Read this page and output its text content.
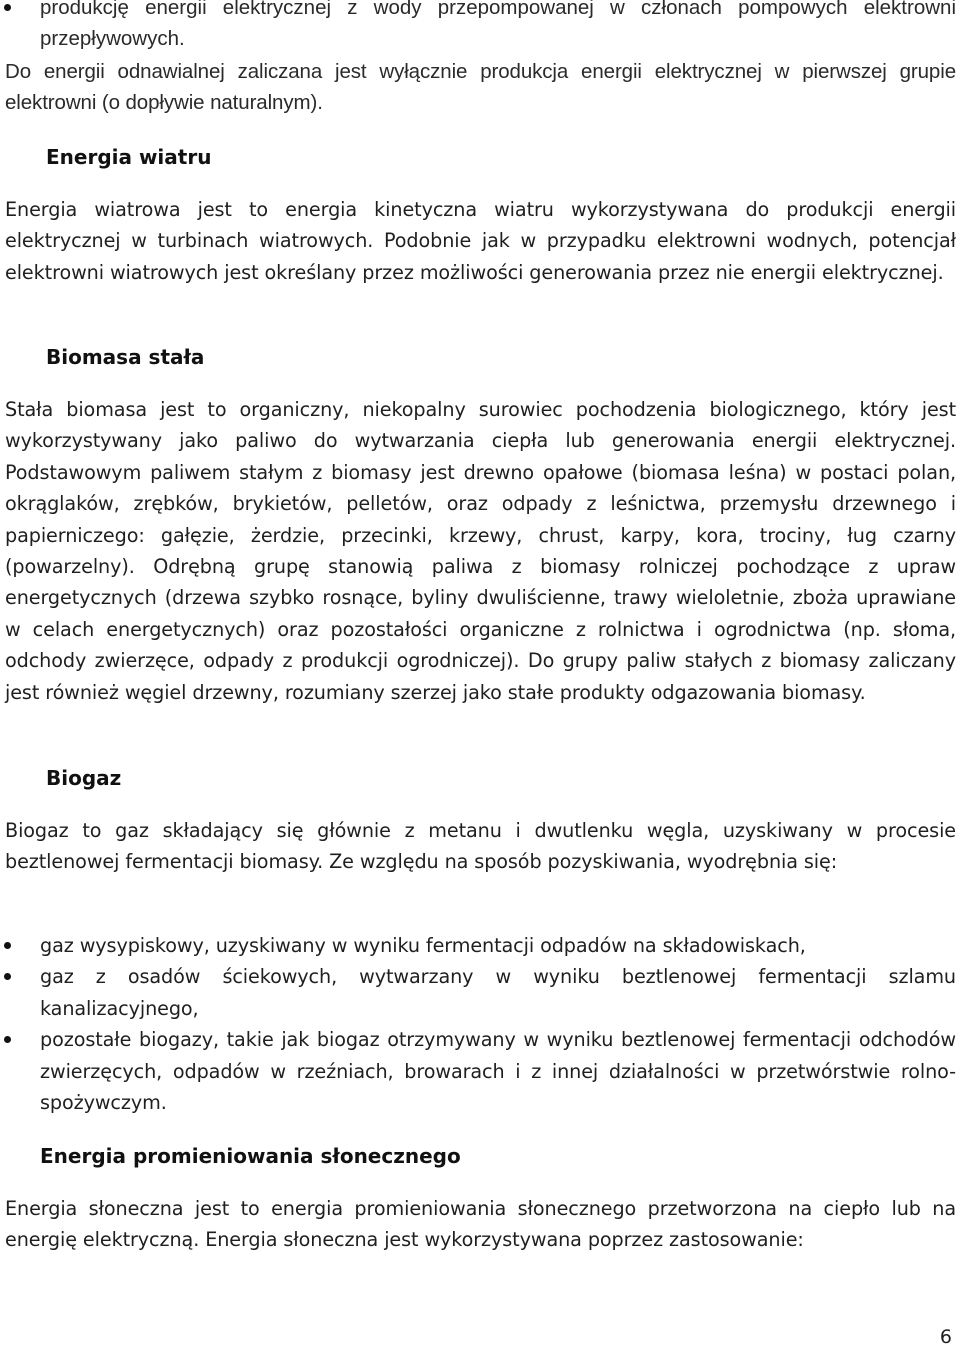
produkcję energii elektrycznej z wody przepompowanej w członach pompowych elektrowni przepływowych.

Do energii odnawialnej zaliczana jest wyłącznie produkcja energii elektrycznej w pierwszej grupie elektrowni (o dopływie naturalnym).

Energia wiatru

Energia wiatrowa jest to energia kinetyczna wiatru wykorzystywana do produkcji energii elektrycznej w turbinach wiatrowych. Podobnie jak w przypadku elektrowni wodnych, potencjał elektrowni wiatrowych jest określany przez możliwości generowania przez nie energii elektrycznej.

Biomasa stała

Stała biomasa jest to organiczny, niekopalny surowiec pochodzenia biologicznego, który jest wykorzystywany jako paliwo do wytwarzania ciepła lub generowania energii elektrycznej. Podstawowym paliwem stałym z biomasy jest drewno opałowe (biomasa leśna) w postaci polan, okrąglaków, zrębków, brykietów, pelletów, oraz odpady z leśnictwa, przemysłu drzewnego i papierniczego: gałęzie, żerdzie, przecinki, krzewy, chrust, karpy, kora, trociny, ług czarny (powarzelny). Odrębną grupę stanowią paliwa z biomasy rolniczej pochodzące z upraw energetycznych (drzewa szybko rosnące, byliny dwuliścienne, trawy wieloletnie, zboża uprawiane w celach energetycznych) oraz pozostałości organiczne z rolnictwa i ogrodnictwa (np. słoma, odchody zwierzęce, odpady z produkcji ogrodniczej). Do grupy paliw stałych z biomasy zaliczany jest również węgiel drzewny, rozumiany szerzej jako stałe produkty odgazowania biomasy.

Biogaz

Biogaz to gaz składający się głównie z metanu i dwutlenku węgla, uzyskiwany w procesie beztlenowej fermentacji biomasy. Ze względu na sposób pozyskiwania, wyodrębnia się:

gaz wysypiskowy, uzyskiwany w wyniku fermentacji odpadów na składowiskach,
gaz z osadów ściekowych, wytwarzany w wyniku beztlenowej fermentacji szlamu kanalizacyjnego,
pozostałe biogazy, takie jak biogaz otrzymywany w wyniku beztlenowej fermentacji odchodów zwierzęcych, odpadów w rzeźniach, browarach i z innej działalności w przetwórstwie rolno-spożywczym.
Energia promieniowania słonecznego

Energia słoneczna jest to energia promieniowania słonecznego przetworzona na ciepło lub na energię elektryczną. Energia słoneczna jest wykorzystywana poprzez zastosowanie:

6
